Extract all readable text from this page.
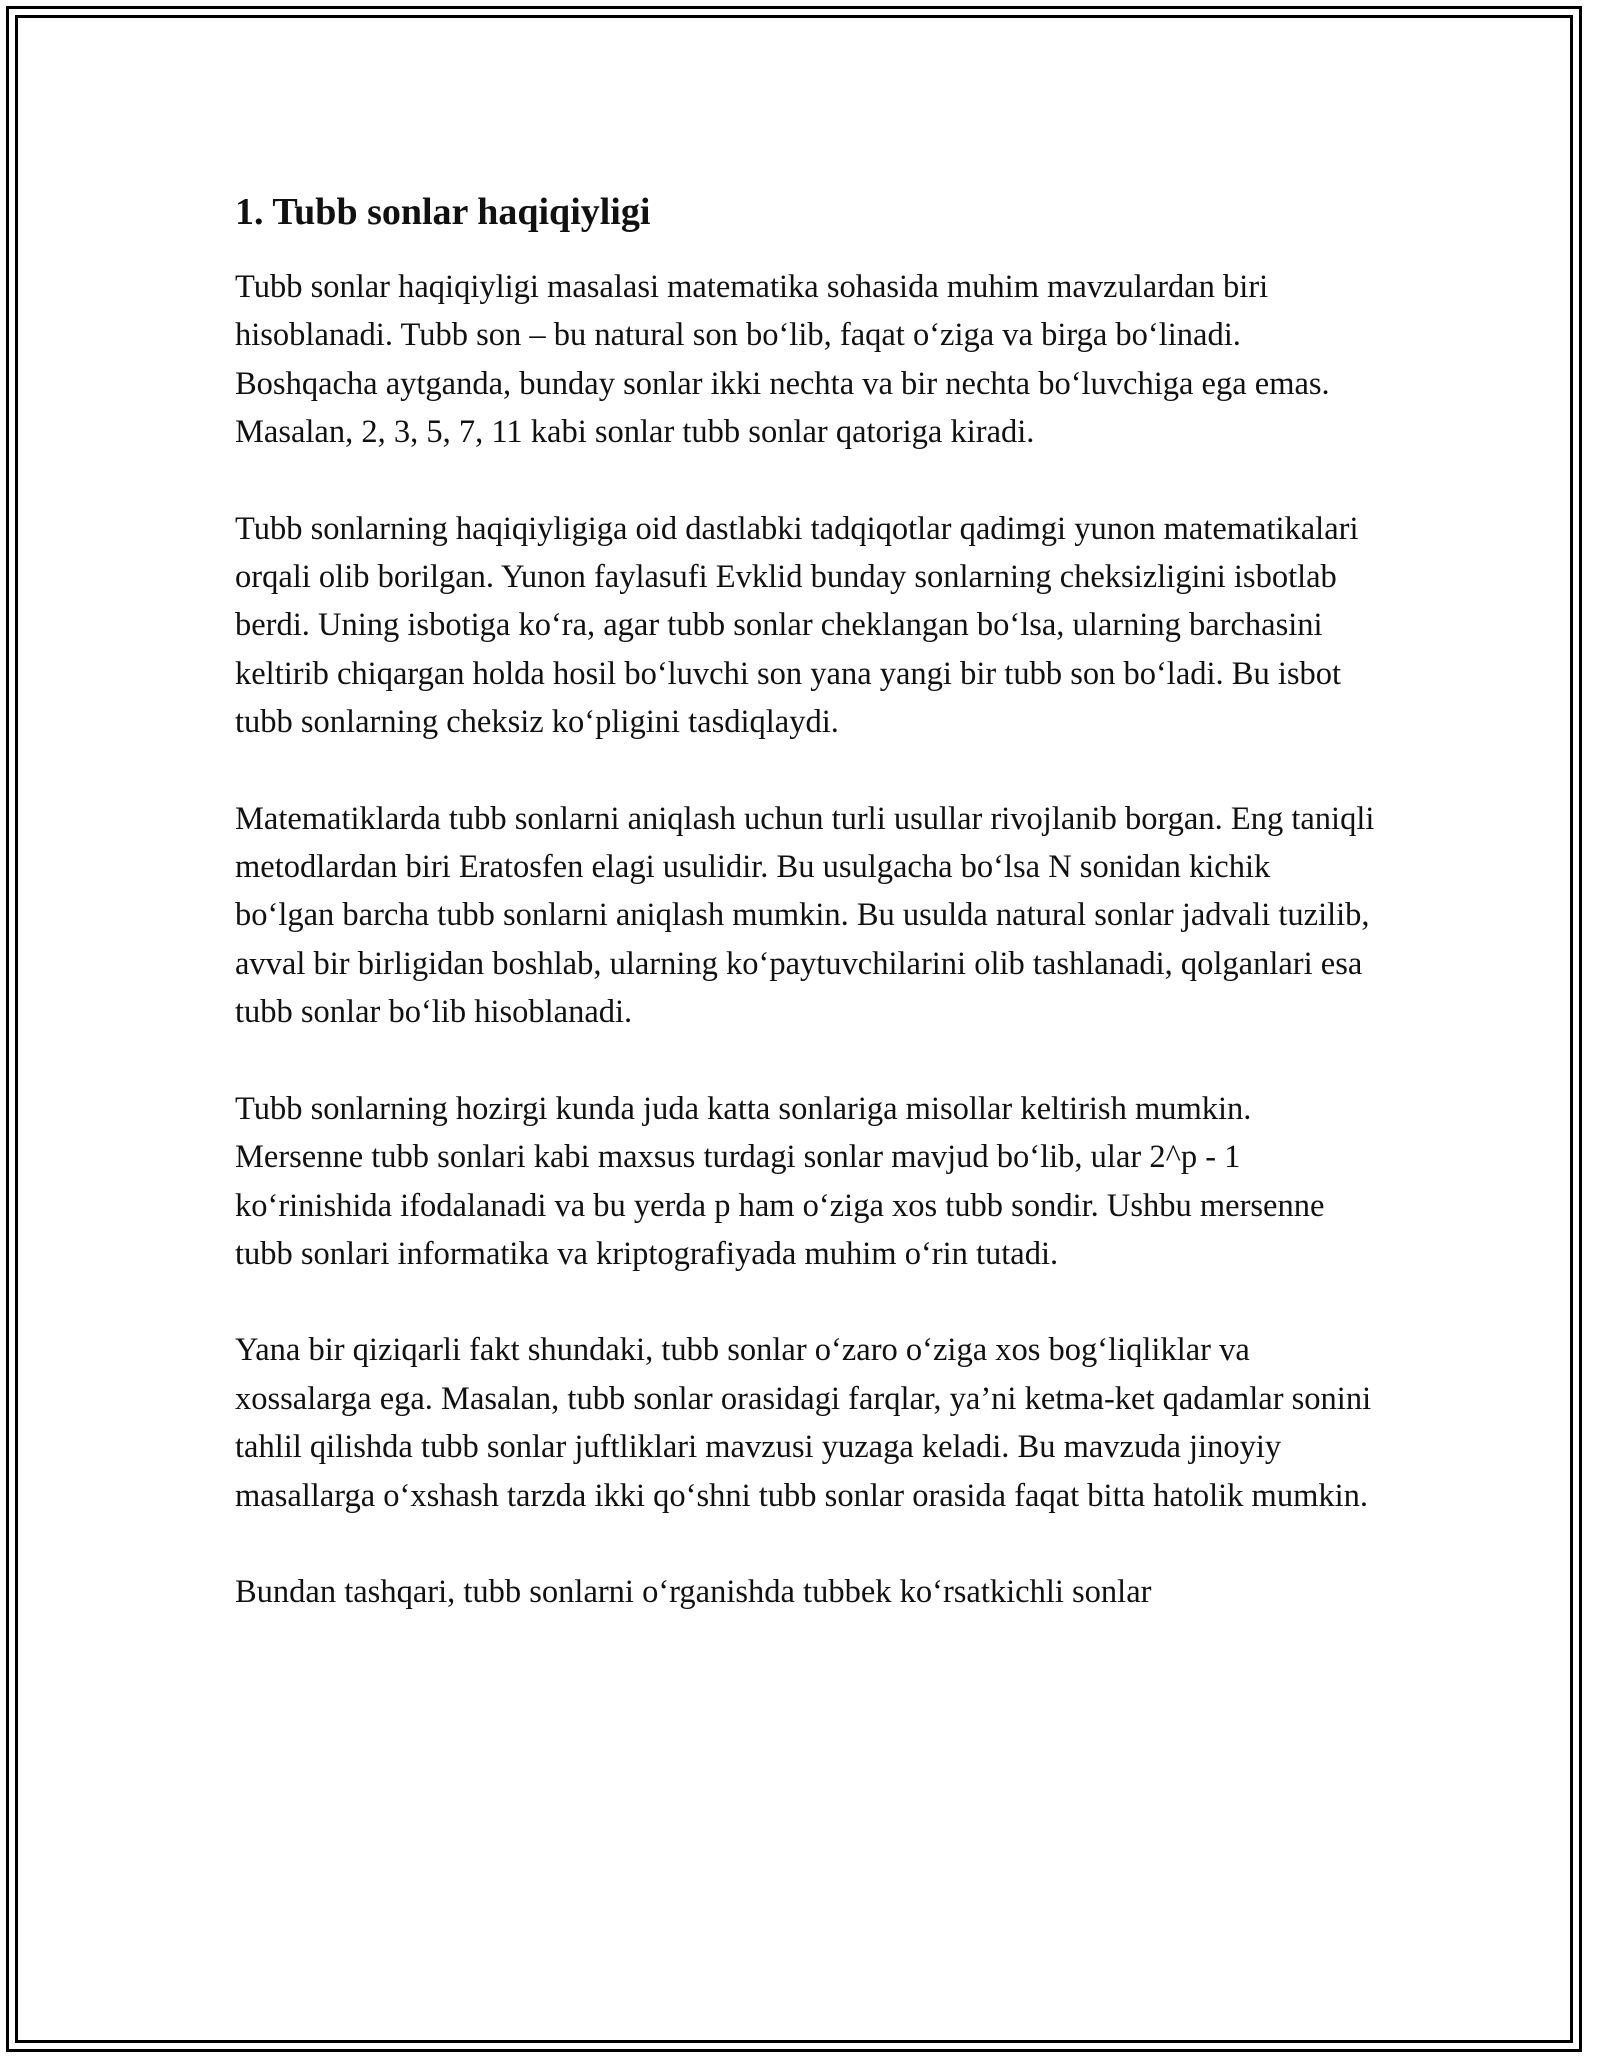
1. Tubb sonlar haqiqiyligi

Tubb sonlar haqiqiyligi masalasi matematika sohasida muhim mavzulardan biri hisoblanadi. Tubb son – bu natural son bo‘lib, faqat o‘ziga va birga bo‘linadi. Boshqacha aytganda, bunday sonlar ikki nechta va bir nechta bo‘luvchiga ega emas. Masalan, 2, 3, 5, 7, 11 kabi sonlar tubb sonlar qatoriga kiradi.

Tubb sonlarning haqiqiyligiga oid dastlabki tadqiqotlar qadimgi yunon matematikalari orqali olib borilgan. Yunon faylasufi Evklid bunday sonlarning cheksizligini isbotlab berdi. Uning isbotiga ko‘ra, agar tubb sonlar cheklangan bo‘lsa, ularning barchasini keltirib chiqargan holda hosil bo‘luvchi son yana yangi bir tubb son bo‘ladi. Bu isbot tubb sonlarning cheksiz ko‘pligini tasdiqlaydi.

Matematiklarda tubb sonlarni aniqlash uchun turli usullar rivojlanib borgan. Eng taniqli metodlardan biri Eratosfen elagi usulidir. Bu usulgacha bo‘lsa N sonidan kichik bo‘lgan barcha tubb sonlarni aniqlash mumkin. Bu usulda natural sonlar jadvali tuzilib, avval bir birligidan boshlab, ularning ko‘paytuvchilarini olib tashlanadi, qolganlari esa tubb sonlar bo‘lib hisoblanadi.

Tubb sonlarning hozirgi kunda juda katta sonlariga misollar keltirish mumkin. Mersenne tubb sonlari kabi maxsus turdagi sonlar mavjud bo‘lib, ular 2^p - 1 ko‘rinishida ifodalanadi va bu yerda p ham o‘ziga xos tubb sondir. Ushbu mersenne tubb sonlari informatika va kriptografiyada muhim o‘rin tutadi.

Yana bir qiziqarli fakt shundaki, tubb sonlar o‘zaro o‘ziga xos bog‘liqliklar va xossalarga ega. Masalan, tubb sonlar orasidagi farqlar, ya’ni ketma-ket qadamlar sonini tahlil qilishda tubb sonlar juftliklari mavzusi yuzaga keladi. Bu mavzuda jinoyiy masallarga o‘xshash tarzda ikki qo‘shni tubb sonlar orasida faqat bitta hatolik mumkin.

Bundan tashqari, tubb sonlarni o‘rganishda tubbek ko‘rsatkichli sonlar
